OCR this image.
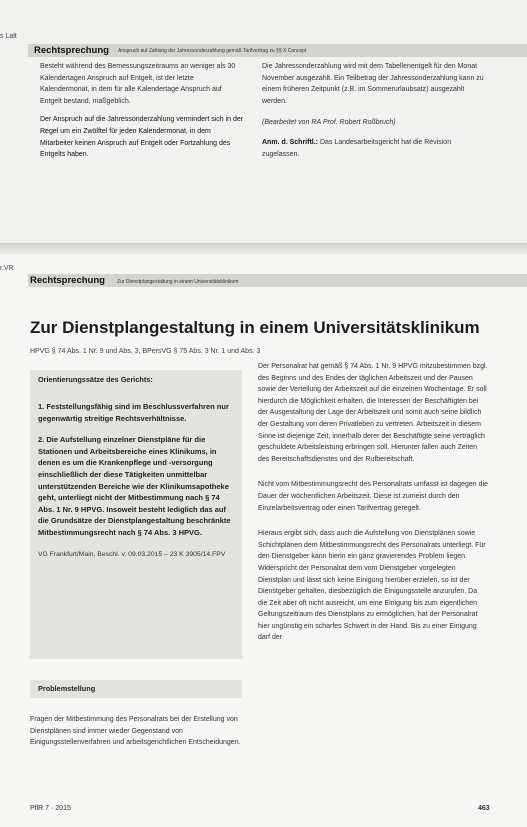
s Lalt
Rechtsprechung Anspruch auf Zahlung der Jahressonderzahlung gemäß Tarifvertrag zu §§ X Concept

Besteht während des Bemessungszeitraums an weniger als 30 Kalendertagen Anspruch auf Entgelt, ist der letzte Kalendermonat, in dem für alle Kalendertage Anspruch auf Entgelt bestand, maßgeblich.

Der Anspruch auf die Jahressonderzahlung vermindert sich in der Regel um ein Zwölftel für jeden Kalendermonat, in dem Mitarbeiter keinen Anspruch auf Entgelt oder Fortzahlung des Entgelts haben.

Die Jahressonderzahlung wird mit dem Tabellenentgelt für den Monat November ausgezahlt. Ein Teilbetrag der Jahressonderzahlung kann zu einem früheren Zeitpunkt (z.B. im Sommerurlaubsatz) ausgezahlt werden.

(Bearbeitet von RA Prof. Robert Roßbruch)

Anm. d. Schriftl.: Das Landesarbeitsgericht hat die Revision zugelassen.

r.VR
Rechtsprechung Zur Dienstplangestaltung in einem Universitätsklinikum
Zur Dienstplangestaltung in einem Universitätsklinikum
HPVG § 74 Abs. 1 Nr. 9 und Abs. 3, BPersVG § 75 Abs. 3 Nr. 1 und Abs. 3
Orientierungssätze des Gerichts:

1. Feststellungsfähig sind im Beschlussverfahren nur gegenwärtig streitige Rechtsverhältnisse.

2. Die Aufstellung einzelner Dienstpläne für die Stationen und Arbeitsbereiche eines Klinikums, in denen es um die Krankenpflege und -versorgung einschließlich der diese Tätigkeiten unmittelbar unterstützenden Bereiche wie der Klinikumsapotheke geht, unterliegt nicht der Mitbestimmung nach § 74 Abs. 1 Nr. 9 HPVG. Insoweit besteht lediglich das auf die Grundsätze der Dienstplangestaltung beschränkte Mitbestimmungsrecht nach § 74 Abs. 3 HPVG.

VG Frankfurt/Main, Beschl. v. 09.03.2015 – 23 K 3905/14.FPV
Problemstellung
Fragen der Mitbestimmung des Personalrats bei der Erstellung von Dienstplänen sind immer wieder Gegenstand von Einigungsstellenverfahren und arbeitsgerichtlichen Entscheidungen.

Der Personalrat hat gemäß § 74 Abs. 1 Nr. 9 HPVG mitzubestimmen bzgl. des Beginns und des Endes der täglichen Arbeitszeit und der Pausen sowie der Verteilung der Arbeitszeit auf die einzelnen Wochentage. Er soll hierdurch die Möglichkeit erhalten, die Interessen der Beschäftigten bei der Ausgestaltung der Lage der Arbeitszeit und somit auch seine bildlich der Gestaltung von deren Privatleben zu vertreten. Arbeitszeit in diesem Sinne ist diejenige Zeit, innerhalb derer der Beschäftigte seine vertraglich geschuldete Arbeitsleistung erbringen soll. Hierunter fallen auch Zeiten des Bereitschaftsdienstes und der Rufbereitschaft.

Nicht vom Mitbestimmungsrecht des Personalrats umfasst ist dagegen die Dauer der wöchentlichen Arbeitszeit. Diese ist zumeist durch den Einzelarbeitsvertrag oder einen Tarifvertrag geregelt.

Hieraus ergibt sich, dass auch die Aufstellung von Dienstplänen sowie Schichtplänen dem Mitbestimmungsrecht des Personalrats unterliegt. Für den Dienstgeber kann hierin ein ganz gravierendes Problem liegen. Widerspricht der Personalrat dem vom Dienstgeber vorgelegten Dienstplan und lässt sich keine Einigung hierüber erzielen, so ist der Dienstgeber gehalten, diesbezüglich die Einigungsstelle anzurufen. Da die Zeit aber oft nicht ausreicht, um eine Einigung bis zum eigentlichen Geltungszeitraum des Dienstplans zu ermöglichen, hat der Personalrat hier ungünstig ein scharfes Schwert in der Hand. Bis zu einer Einigung darf der

PflR 7 · 2015	463
